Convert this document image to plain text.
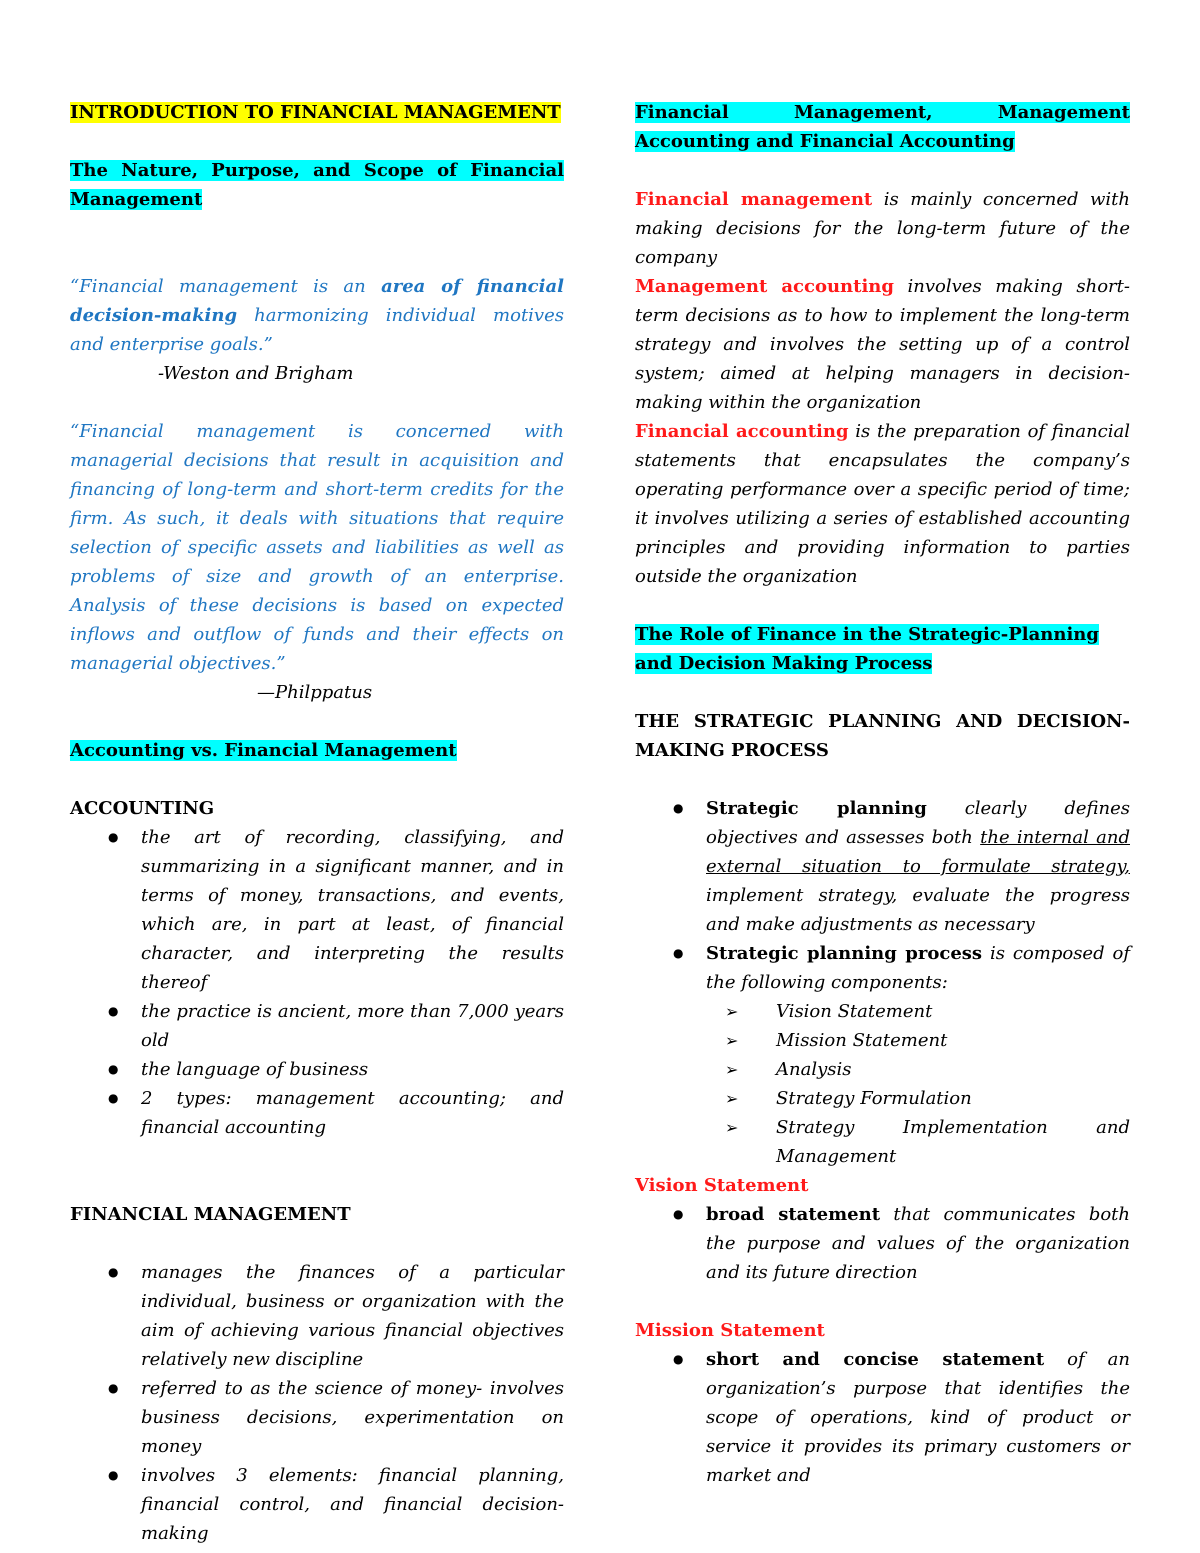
INTRODUCTION TO FINANCIAL MANAGEMENT

The Nature, Purpose, and Scope of Financial Management

“Financial management is an area of financial decision-making harmonizing individual motives and enterprise goals.”

-Weston and Brigham

“Financial management is concerned with managerial decisions that result in acquisition and financing of long-term and short-term credits for the firm. As such, it deals with situations that require selection of specific assets and liabilities as well as problems of size and growth of an enterprise. Analysis of these decisions is based on expected inflows and outflow of funds and their effects on managerial objectives.”

—Philppatus

Accounting vs. Financial Management

ACCOUNTING

● the art of recording, classifying, and summarizing in a significant manner, and in terms of money, transactions, and events, which are, in part at least, of financial character, and interpreting the results thereof
● the practice is ancient, more than 7,000 years old
● the language of business
● 2 types: management accounting; and financial accounting

FINANCIAL MANAGEMENT

● manages the finances of a particular individual, business or organization with the aim of achieving various financial objectives relatively new discipline
● referred to as the science of money- involves business decisions, experimentation on money
● involves 3 elements: financial planning, financial control, and financial decision-making

Financial Management, Management Accounting and Financial Accounting

Financial management is mainly concerned with making decisions for the long-term future of the company

Management accounting involves making short-term decisions as to how to implement the long-term strategy and involves the setting up of a control system; aimed at helping managers in decision-making within the organization

Financial accounting is the preparation of financial statements that encapsulates the company’s operating performance over a specific period of time; it involves utilizing a series of established accounting principles and providing information to parties outside the organization

The Role of Finance in the Strategic-Planning and Decision Making Process

THE STRATEGIC PLANNING AND DECISION-MAKING PROCESS

● Strategic planning clearly defines objectives and assesses both the internal and external situation to formulate strategy, implement strategy, evaluate the progress and make adjustments as necessary
● Strategic planning process is composed of the following components:
➢ Vision Statement
➢ Mission Statement
➢ Analysis
➢ Strategy Formulation
➢ Strategy Implementation and Management

Vision Statement

● broad statement that communicates both the purpose and values of the organization and its future direction

Mission Statement

● short and concise statement of an organization’s purpose that identifies the scope of operations, kind of product or service it provides its primary customers or market and
